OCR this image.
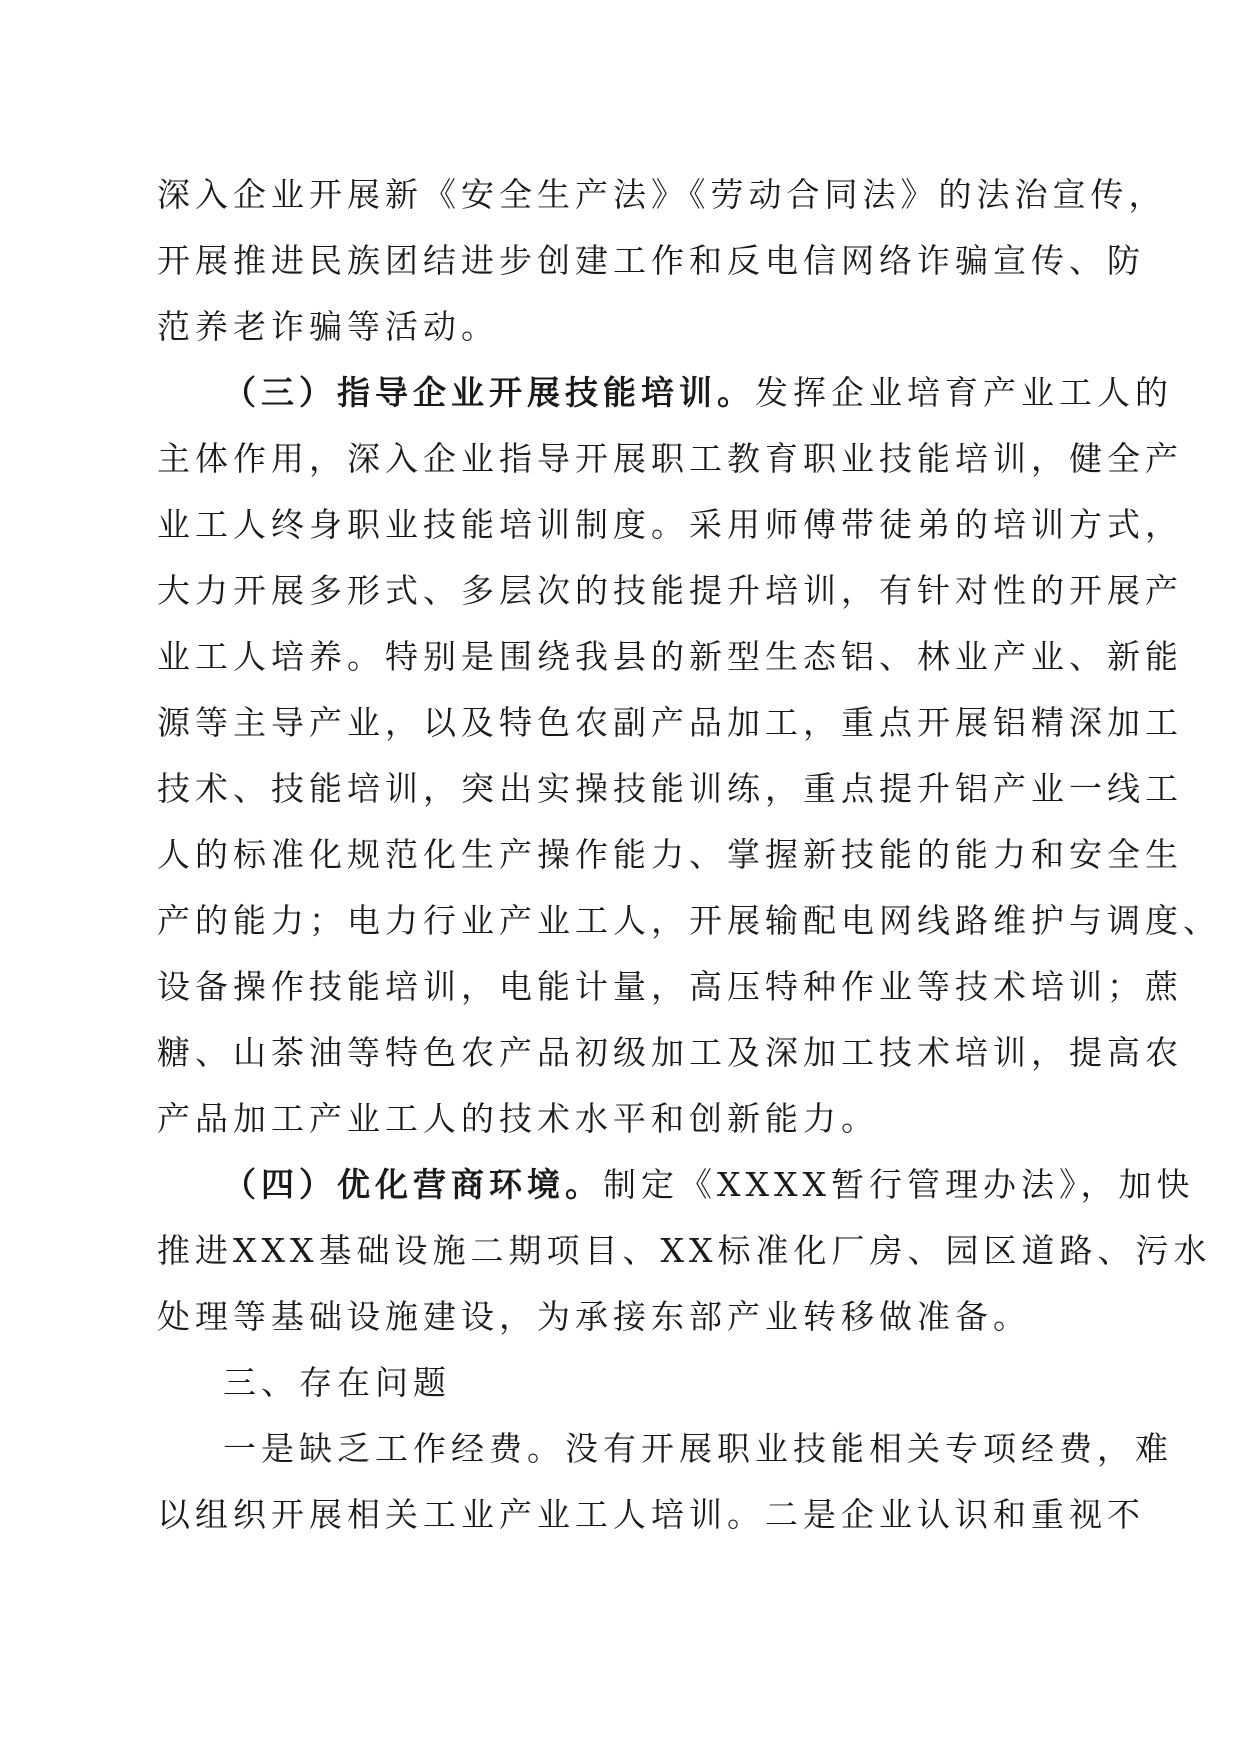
深入企业开展新《安全生产法》《劳动合同法》的法治宣传，
开展推进民族团结进步创建工作和反电信网络诈骗宣传、防
范养老诈骗等活动。
（三）指导企业开展技能培训。发挥企业培育产业工人的
主体作用，深入企业指导开展职工教育职业技能培训，健全产
业工人终身职业技能培训制度。采用师傅带徒弟的培训方式，
大力开展多形式、多层次的技能提升培训，有针对性的开展产
业工人培养。特别是围绕我县的新型生态铝、林业产业、新能
源等主导产业，以及特色农副产品加工，重点开展铝精深加工
技术、技能培训，突出实操技能训练，重点提升铝产业一线工
人的标准化规范化生产操作能力、掌握新技能的能力和安全生
产的能力；电力行业产业工人，开展输配电网线路维护与调度、
设备操作技能培训，电能计量，高压特种作业等技术培训；蔗
糖、山茶油等特色农产品初级加工及深加工技术培训，提高农
产品加工产业工人的技术水平和创新能力。
（四）优化营商环境。制定《XXXX暂行管理办法》，加快
推进XXX基础设施二期项目、XX标准化厂房、园区道路、污水
处理等基础设施建设，为承接东部产业转移做准备。
三、存在问题
一是缺乏工作经费。没有开展职业技能相关专项经费，难
以组织开展相关工业产业工人培训。二是企业认识和重视不
